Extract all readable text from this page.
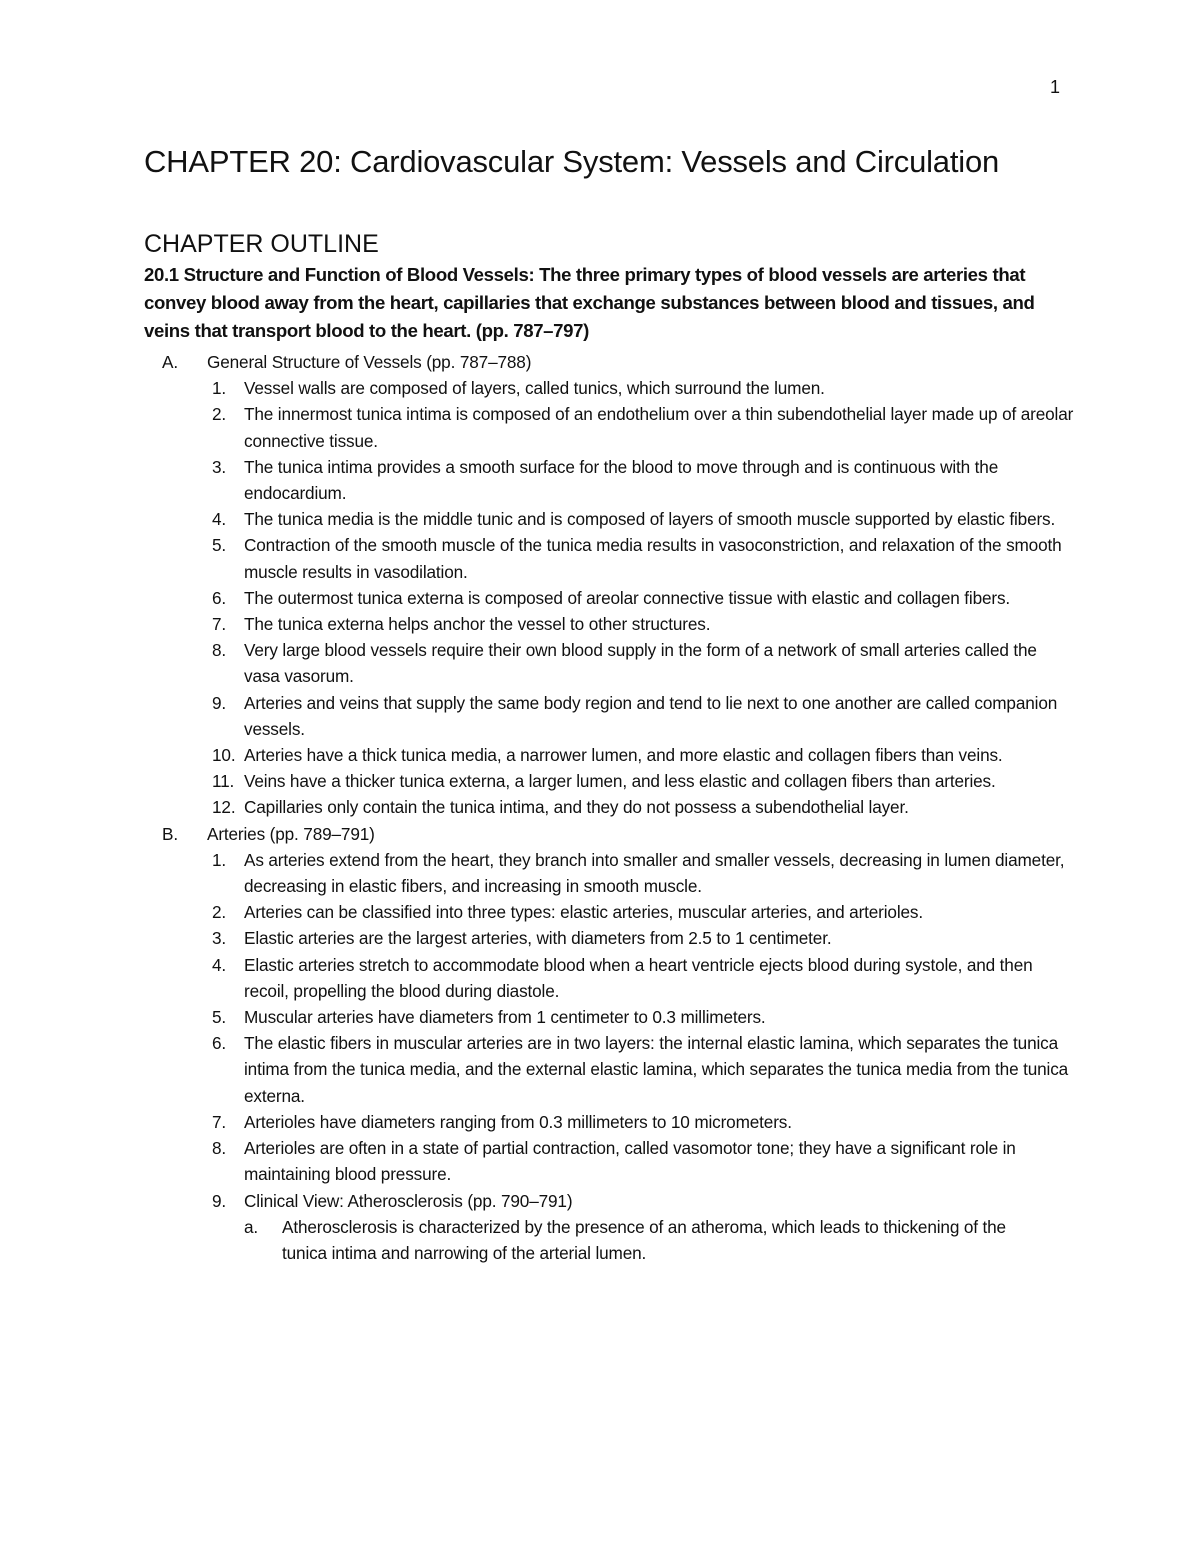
1
CHAPTER 20: Cardiovascular System: Vessels and Circulation
CHAPTER OUTLINE

20.1 Structure and Function of Blood Vessels: The three primary types of blood vessels are arteries that convey blood away from the heart, capillaries that exchange substances between blood and tissues, and veins that transport blood to the heart. (pp. 787–797)

A. General Structure of Vessels (pp. 787–788)
1. Vessel walls are composed of layers, called tunics, which surround the lumen.
2. The innermost tunica intima is composed of an endothelium over a thin subendothelial layer made up of areolar connective tissue.
3. The tunica intima provides a smooth surface for the blood to move through and is continuous with the endocardium.
4. The tunica media is the middle tunic and is composed of layers of smooth muscle supported by elastic fibers.
5. Contraction of the smooth muscle of the tunica media results in vasoconstriction, and relaxation of the smooth muscle results in vasodilation.
6. The outermost tunica externa is composed of areolar connective tissue with elastic and collagen fibers.
7. The tunica externa helps anchor the vessel to other structures.
8. Very large blood vessels require their own blood supply in the form of a network of small arteries called the vasa vasorum.
9. Arteries and veins that supply the same body region and tend to lie next to one another are called companion vessels.
10. Arteries have a thick tunica media, a narrower lumen, and more elastic and collagen fibers than veins.
11. Veins have a thicker tunica externa, a larger lumen, and less elastic and collagen fibers than arteries.
12. Capillaries only contain the tunica intima, and they do not possess a subendothelial layer.
B. Arteries (pp. 789–791)
1. As arteries extend from the heart, they branch into smaller and smaller vessels, decreasing in lumen diameter, decreasing in elastic fibers, and increasing in smooth muscle.
2. Arteries can be classified into three types: elastic arteries, muscular arteries, and arterioles.
3. Elastic arteries are the largest arteries, with diameters from 2.5 to 1 centimeter.
4. Elastic arteries stretch to accommodate blood when a heart ventricle ejects blood during systole, and then recoil, propelling the blood during diastole.
5. Muscular arteries have diameters from 1 centimeter to 0.3 millimeters.
6. The elastic fibers in muscular arteries are in two layers: the internal elastic lamina, which separates the tunica intima from the tunica media, and the external elastic lamina, which separates the tunica media from the tunica externa.
7. Arterioles have diameters ranging from 0.3 millimeters to 10 micrometers.
8. Arterioles are often in a state of partial contraction, called vasomotor tone; they have a significant role in maintaining blood pressure.
9. Clinical View: Atherosclerosis (pp. 790–791)
a. Atherosclerosis is characterized by the presence of an atheroma, which leads to thickening of the tunica intima and narrowing of the arterial lumen.
